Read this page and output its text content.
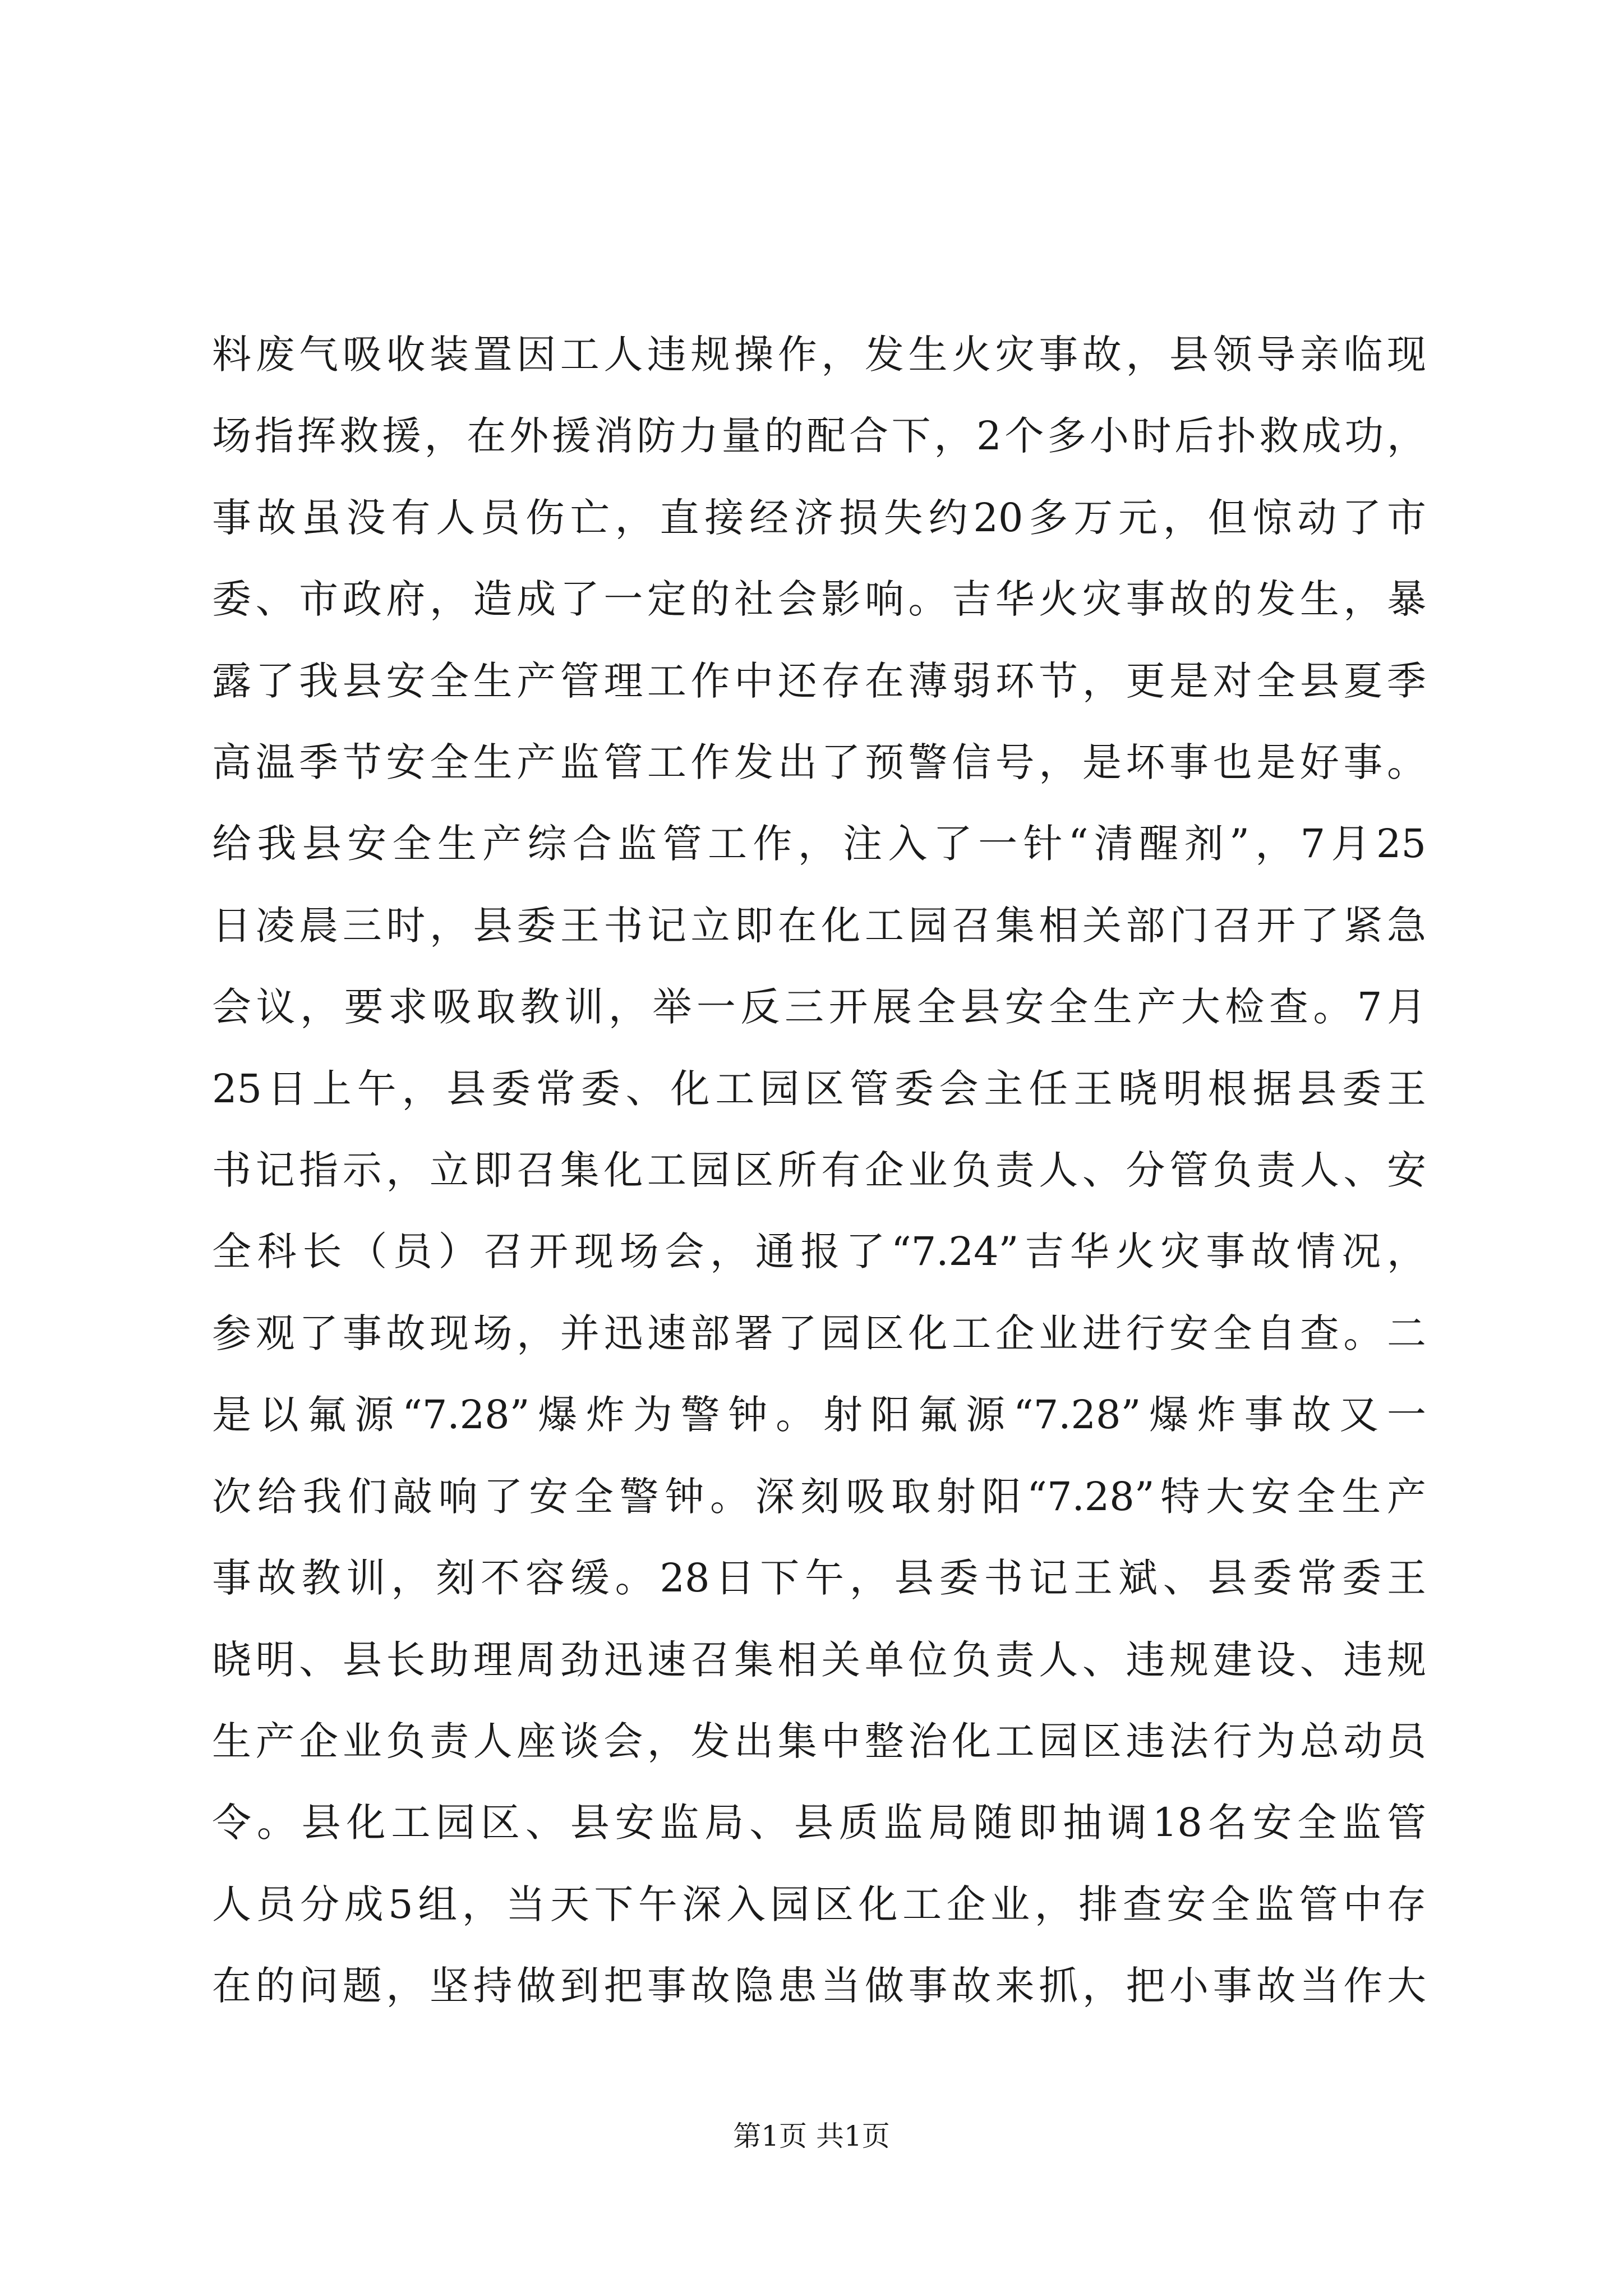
料废气吸收装置因工人违规操作，发生火灾事故，县领导亲临现
场指挥救援，在外援消防力量的配合下，2个多小时后扑救成功，
事故虽没有人员伤亡，直接经济损失约20多万元，但惊动了市
委、市政府，造成了一定的社会影响。吉华火灾事故的发生，暴
露了我县安全生产管理工作中还存在薄弱环节，更是对全县夏季
高温季节安全生产监管工作发出了预警信号，是坏事也是好事。
给我县安全生产综合监管工作，注入了一针“清醒剂”，7月25
日凌晨三时，县委王书记立即在化工园召集相关部门召开了紧急
会议，要求吸取教训，举一反三开展全县安全生产大检查。7月
25日上午，县委常委、化工园区管委会主任王晓明根据县委王
书记指示，立即召集化工园区所有企业负责人、分管负责人、安
全科长（员）召开现场会，通报了“7.24”吉华火灾事故情况，
参观了事故现场，并迅速部署了园区化工企业进行安全自查。二
是以氟源“7.28”爆炸为警钟。射阳氟源“7.28”爆炸事故又一
次给我们敲响了安全警钟。深刻吸取射阳“7.28”特大安全生产
事故教训，刻不容缓。28日下午，县委书记王斌、县委常委王
晓明、县长助理周劲迅速召集相关单位负责人、违规建设、违规
生产企业负责人座谈会，发出集中整治化工园区违法行为总动员
令。县化工园区、县安监局、县质监局随即抽调18名安全监管
人员分成5组，当天下午深入园区化工企业，排查安全监管中存
在的问题，坚持做到把事故隐患当做事故来抓，把小事故当作大
第1页 共1页
